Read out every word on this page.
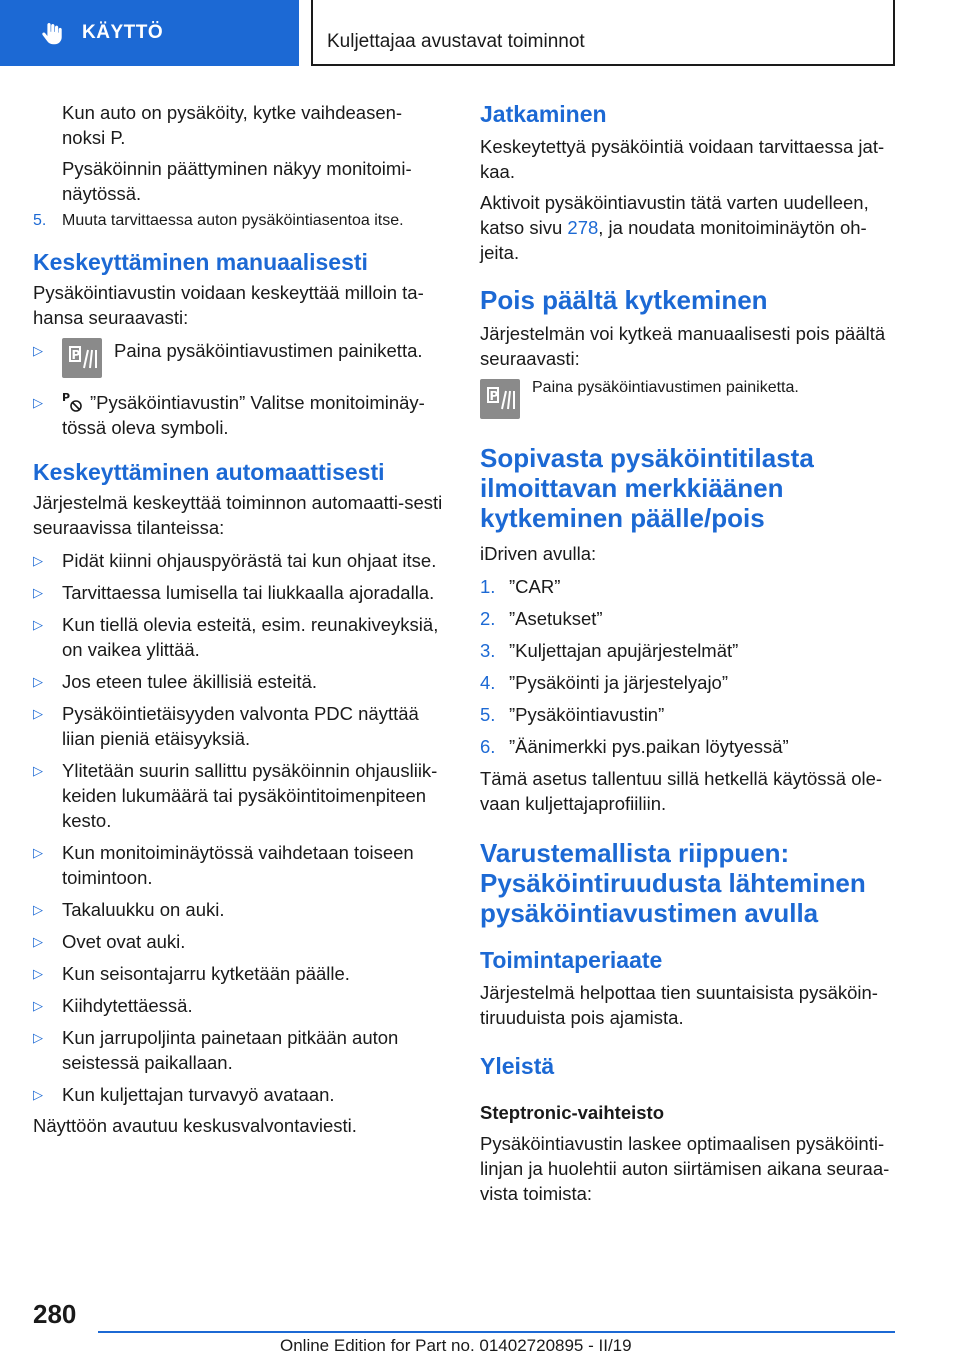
KÄYTTÖ	Kuljettajaa avustavat toiminnot

Kun auto on pysäköity, kytke vaihdeasen-noksi P.

Pysäköinnin päättyminen näkyy monitoimi-näytössä.

5. Muuta tarvittaessa auton pysäköintiasentoa itse.
Keskeyttäminen manuaalisesti

Pysäköintiavustin voidaan keskeyttää milloin ta-hansa seuraavasti:

▷ P	Paina pysäköintiavustimen painiketta.
▷ P ”Pysäköintiavustin” Valitse monitoiminäy-tössä oleva symboli.
Keskeyttäminen automaattisesti

Järjestelmä keskeyttää toiminnon automaatti-sesti seuraavissa tilanteissa:

▷ Pidät kiinni ohjauspyörästä tai kun ohjaat itse.
▷ Tarvittaessa lumisella tai liukkaalla ajoradalla.
▷ Kun tiellä olevia esteitä, esim. reunakiveyksiä, on vaikea ylittää.
▷ Jos eteen tulee äkillisiä esteitä.
▷ Pysäköintietäisyyden valvonta PDC näyttää liian pieniä etäisyyksiä.
▷ Ylitetään suurin sallittu pysäköinnin ohjausliik-keiden lukumäärä tai pysäköintitoimenpiteen kesto.
▷ Kun monitoiminäytössä vaihdetaan toiseen toimintoon.
▷ Takaluukku on auki.
▷ Ovet ovat auki.
▷ Kun seisontajarru kytketään päälle.
▷ Kiihdytettäessä.
▷ Kun jarrupoljinta painetaan pitkään auton seistessä paikallaan.
▷ Kun kuljettajan turvavyö avataan.

Näyttöön avautuu keskusvalvontaviesti.

Jatkaminen

Keskeytettyä pysäköintiä voidaan tarvittaessa jat-kaa.

Aktivoit pysäköintiavustin tätä varten uudelleen, katso sivu 278, ja noudata monitoiminäytön oh-jeita.

Pois päältä kytkeminen

Järjestelmän voi kytkeä manuaalisesti pois päältä seuraavasti:

P	Paina pysäköintiavustimen painiketta.
Sopivasta pysäköintitilasta ilmoittavan merkkiäänen kytkeminen päälle/pois

iDriven avulla:

1. ”CAR”
2. ”Asetukset”
3. ”Kuljettajan apujärjestelmät”
4. ”Pysäköinti ja järjestelyajo”
5. ”Pysäköintiavustin”
6. ”Äänimerkki pys.paikan löytyessä”

Tämä asetus tallentuu sillä hetkellä käytössä ole-vaan kuljettajaprofiiliin.

Varustemallista riippuen: Pysäköintiruudusta lähteminen pysäköintiavustimen avulla
Toimintaperiaate

Järjestelmä helpottaa tien suuntaisista pysäköin-tiruuduista pois ajamista.

Yleistä

Steptronic-vaihteisto

Pysäköintiavustin laskee optimaalisen pysäköinti-linjan ja huolehtii auton siirtämisen aikana seuraa-vista toimista:

280
Online Edition for Part no. 01402720895 - II/19
